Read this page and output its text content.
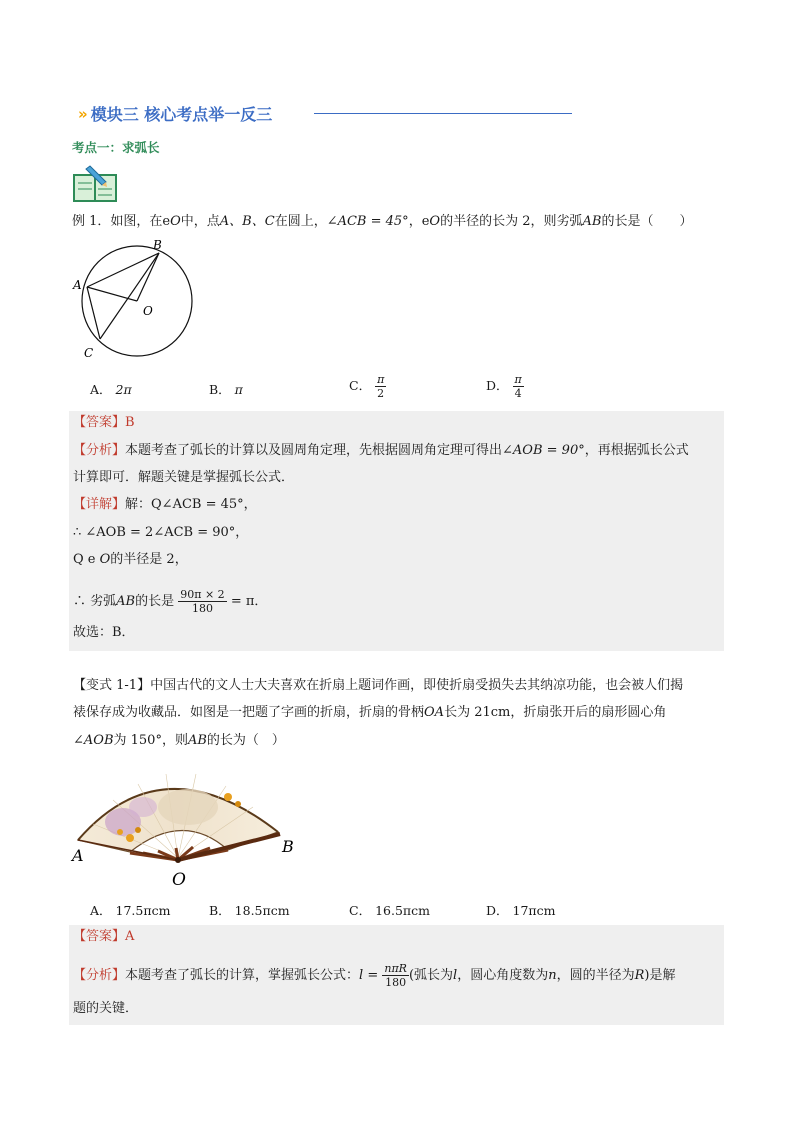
» 模块三 核心考点举一反三
考点一：求弧长
例 1．如图，在eO中，点A、B、C在圆上，∠ACB = 45°，eO的半径的长为 2，则劣弧AB的长是（　　）
B
A
O
C
A． 2π	B． π	C． $\frac{\pi}{2}$	D． $\frac{\pi}{4}$
【答案】B
【分析】本题考查了弧长的计算以及圆周角定理，先根据圆周角定理可得出∠AOB = 90°，再根据弧长公式
计算即可．解题关键是掌握弧长公式．
【详解】解：Q∠ACB = 45°，
∴ ∠AOB = 2∠ACB = 90°，
Q e O的半径是 2，
∴ 劣弧AB的长是 $\frac{90\pi \times 2}{180} = \pi$．
故选：B．
【变式 1-1】中国古代的文人士大夫喜欢在折扇上题词作画，即使折扇受损失去其纳凉功能，也会被人们揭
裱保存成为收藏品．如图是一把题了字画的折扇，折扇的骨柄OA长为 21cm，折扇张开后的扇形圆心角
∠AOB为 150°，则AB的长为（　）
A	B
O
A． 17.5πcm	B． 18.5πcm	C． 16.5πcm	D． 17πcm
【答案】A
【分析】本题考查了弧长的计算，掌握弧长公式：$l = \frac{\text{nπR}}{180}$ (弧长为l，圆心角度数为n，圆的半径为R)是解
题的关键．
